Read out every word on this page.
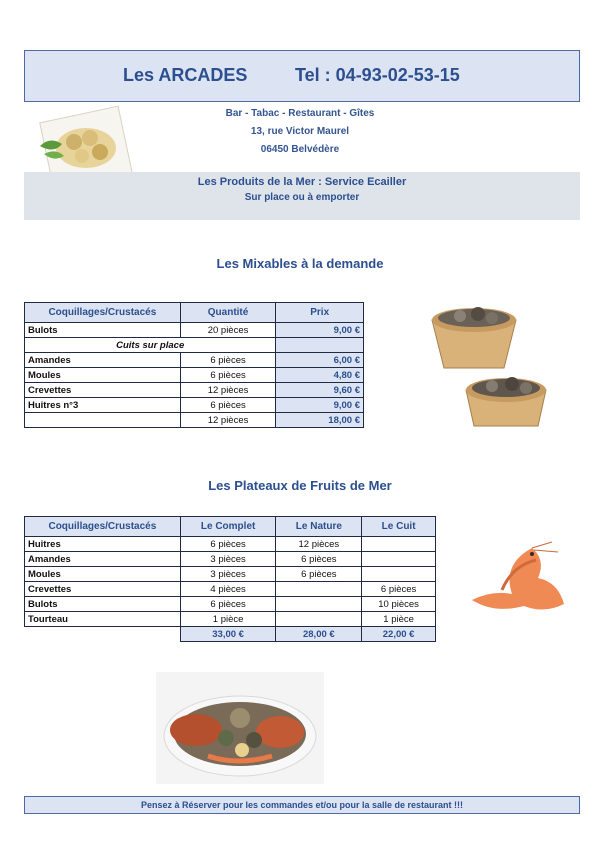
Les ARCADES	Tel : 04-93-02-53-15
Bar - Tabac - Restaurant - Gîtes
13, rue Victor Maurel
06450 Belvédère
Les Produits de la Mer : Service Ecailler
Sur place ou à emporter
Les Mixables à la demande
Coquillages/Crustacés	Quantité	Prix
Bulots	20 pièces	9,00 €
Cuits sur place		
Amandes	6 pièces	6,00 €
Moules	6 pièces	4,80 €
Crevettes	12 pièces	9,60 €
Huitres n°3	6 pièces	9,00 €
	12 pièces	18,00 €
Les Plateaux de Fruits de Mer
Coquillages/Crustacés	Le Complet	Le Nature	Le Cuit
Huitres	6 pièces	12 pièces	
Amandes	3 pièces	6 pièces	
Moules	3 pièces	6 pièces	
Crevettes	4 pièces		6 pièces
Bulots	6 pièces		10 pièces
Tourteau	1 pièce		1 pièce
	33,00 €	28,00 €	22,00 €
Pensez à Réserver pour les commandes et/ou pour la salle de restaurant !!!
